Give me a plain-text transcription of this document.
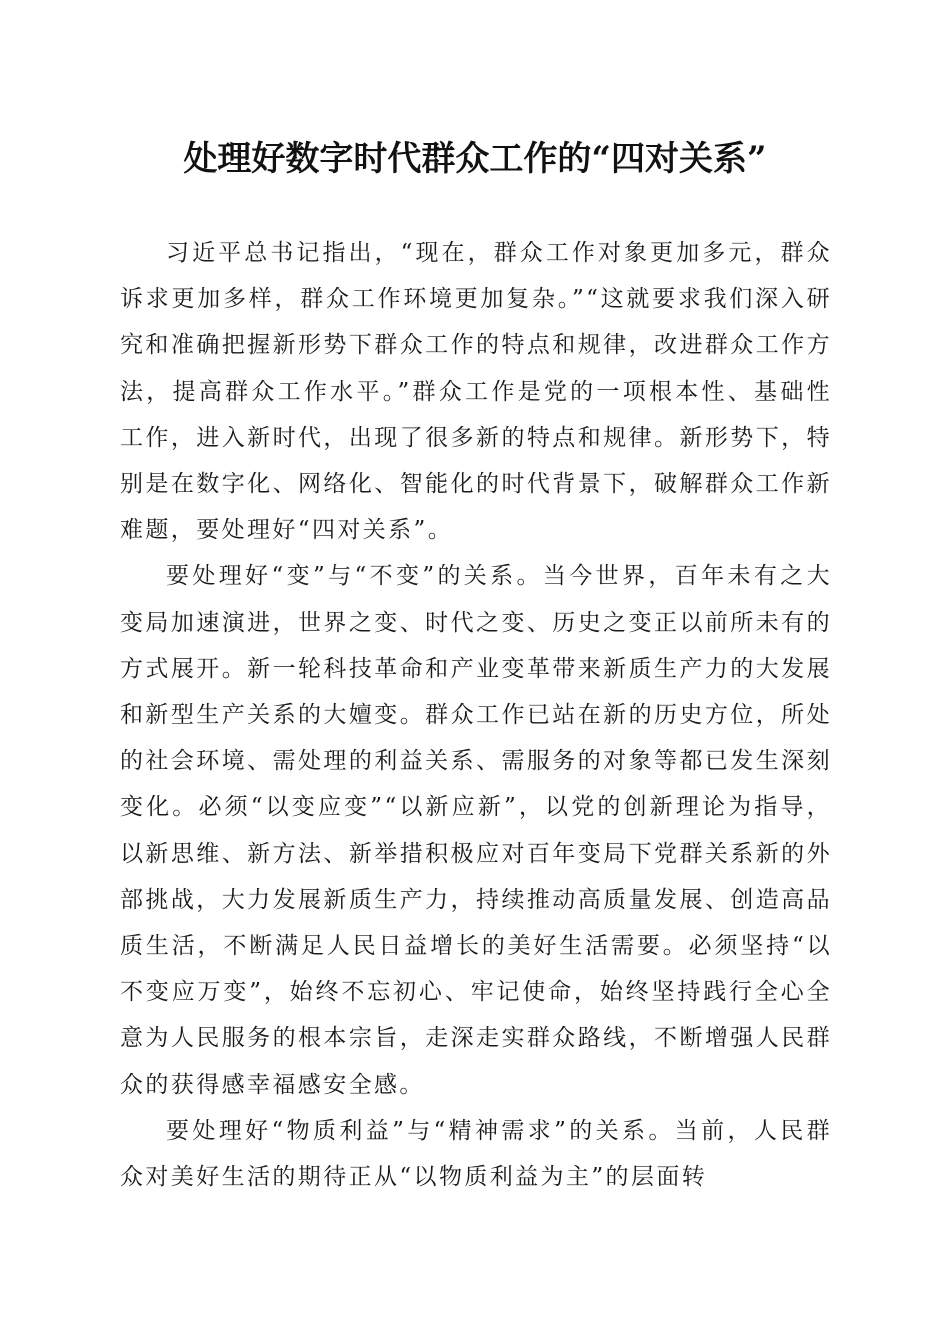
处理好数字时代群众工作的“四对关系”

习近平总书记指出，“现在，群众工作对象更加多元，群众诉求更加多样，群众工作环境更加复杂。”“这就要求我们深入研究和准确把握新形势下群众工作的特点和规律，改进群众工作方法，提高群众工作水平。”群众工作是党的一项根本性、基础性工作，进入新时代，出现了很多新的特点和规律。新形势下，特别是在数字化、网络化、智能化的时代背景下，破解群众工作新难题，要处理好“四对关系”。

要处理好“变”与“不变”的关系。当今世界，百年未有之大变局加速演进，世界之变、时代之变、历史之变正以前所未有的方式展开。新一轮科技革命和产业变革带来新质生产力的大发展和新型生产关系的大嬗变。群众工作已站在新的历史方位，所处的社会环境、需处理的利益关系、需服务的对象等都已发生深刻变化。必须“以变应变”“以新应新”，以党的创新理论为指导，以新思维、新方法、新举措积极应对百年变局下党群关系新的外部挑战，大力发展新质生产力，持续推动高质量发展、创造高品质生活，不断满足人民日益增长的美好生活需要。必须坚持“以不变应万变”，始终不忘初心、牢记使命，始终坚持践行全心全意为人民服务的根本宗旨，走深走实群众路线，不断增强人民群众的获得感幸福感安全感。

要处理好“物质利益”与“精神需求”的关系。当前，人民群众对美好生活的期待正从“以物质利益为主”的层面转
